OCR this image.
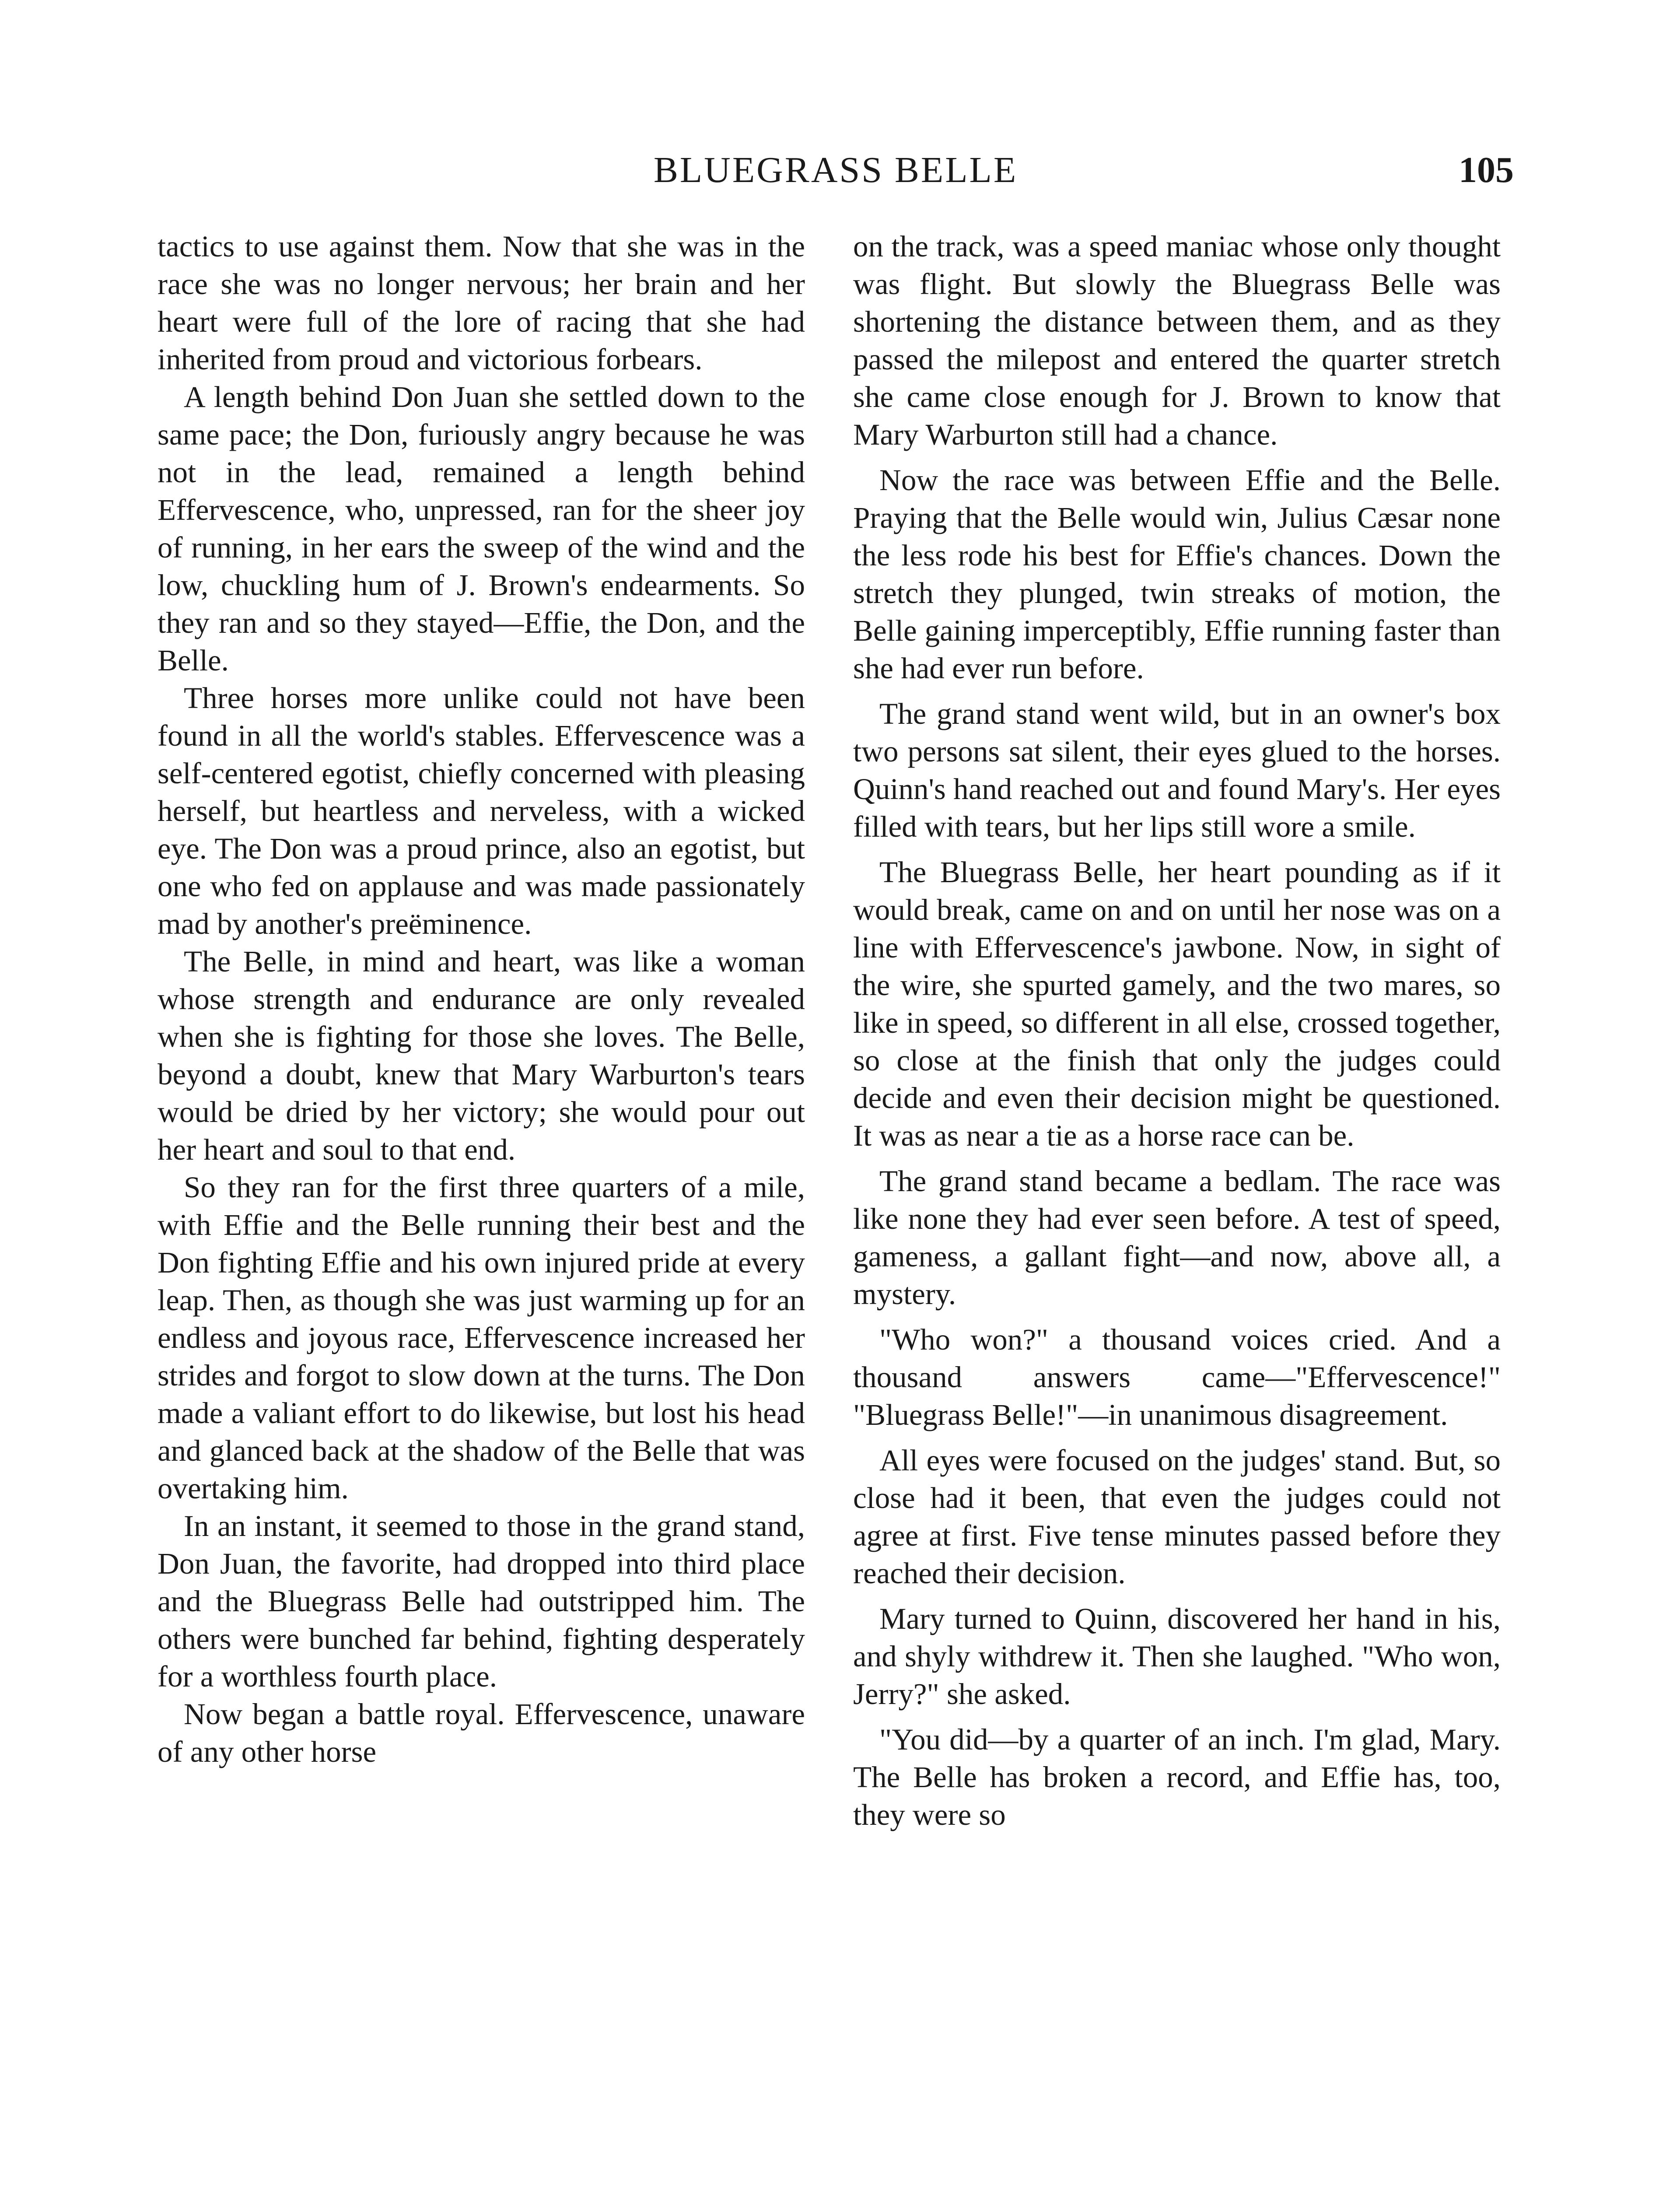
BLUEGRASS BELLE	105

tactics to use against them. Now that she was in the race she was no longer nervous; her brain and her heart were full of the lore of racing that she had inherited from proud and victorious forbears.

A length behind Don Juan she settled down to the same pace; the Don, furiously angry because he was not in the lead, remained a length behind Effervescence, who, unpressed, ran for the sheer joy of running, in her ears the sweep of the wind and the low, chuckling hum of J. Brown's endearments. So they ran and so they stayed—Effie, the Don, and the Belle.

Three horses more unlike could not have been found in all the world's stables. Effervescence was a self-centered egotist, chiefly concerned with pleasing herself, but heartless and nerveless, with a wicked eye. The Don was a proud prince, also an egotist, but one who fed on applause and was made passionately mad by another's preëminence.

The Belle, in mind and heart, was like a woman whose strength and endurance are only revealed when she is fighting for those she loves. The Belle, beyond a doubt, knew that Mary Warburton's tears would be dried by her victory; she would pour out her heart and soul to that end.

So they ran for the first three quarters of a mile, with Effie and the Belle running their best and the Don fighting Effie and his own injured pride at every leap. Then, as though she was just warming up for an endless and joyous race, Effervescence increased her strides and forgot to slow down at the turns. The Don made a valiant effort to do likewise, but lost his head and glanced back at the shadow of the Belle that was overtaking him.

In an instant, it seemed to those in the grand stand, Don Juan, the favorite, had dropped into third place and the Bluegrass Belle had outstripped him. The others were bunched far behind, fighting desperately for a worthless fourth place.

Now began a battle royal. Effervescence, unaware of any other horse

on the track, was a speed maniac whose only thought was flight. But slowly the Bluegrass Belle was shortening the distance between them, and as they passed the milepost and entered the quarter stretch she came close enough for J. Brown to know that Mary Warburton still had a chance.

Now the race was between Effie and the Belle. Praying that the Belle would win, Julius Cæsar none the less rode his best for Effie's chances. Down the stretch they plunged, twin streaks of motion, the Belle gaining imperceptibly, Effie running faster than she had ever run before.

The grand stand went wild, but in an owner's box two persons sat silent, their eyes glued to the horses. Quinn's hand reached out and found Mary's. Her eyes filled with tears, but her lips still wore a smile.

The Bluegrass Belle, her heart pounding as if it would break, came on and on until her nose was on a line with Effervescence's jawbone. Now, in sight of the wire, she spurted gamely, and the two mares, so like in speed, so different in all else, crossed together, so close at the finish that only the judges could decide and even their decision might be questioned. It was as near a tie as a horse race can be.

The grand stand became a bedlam. The race was like none they had ever seen before. A test of speed, gameness, a gallant fight—and now, above all, a mystery.

"Who won?" a thousand voices cried. And a thousand answers came—"Effervescence!" "Bluegrass Belle!"—in unanimous disagreement.

All eyes were focused on the judges' stand. But, so close had it been, that even the judges could not agree at first. Five tense minutes passed before they reached their decision.

Mary turned to Quinn, discovered her hand in his, and shyly withdrew it. Then she laughed. "Who won, Jerry?" she asked.

"You did—by a quarter of an inch. I'm glad, Mary. The Belle has broken a record, and Effie has, too, they were so
